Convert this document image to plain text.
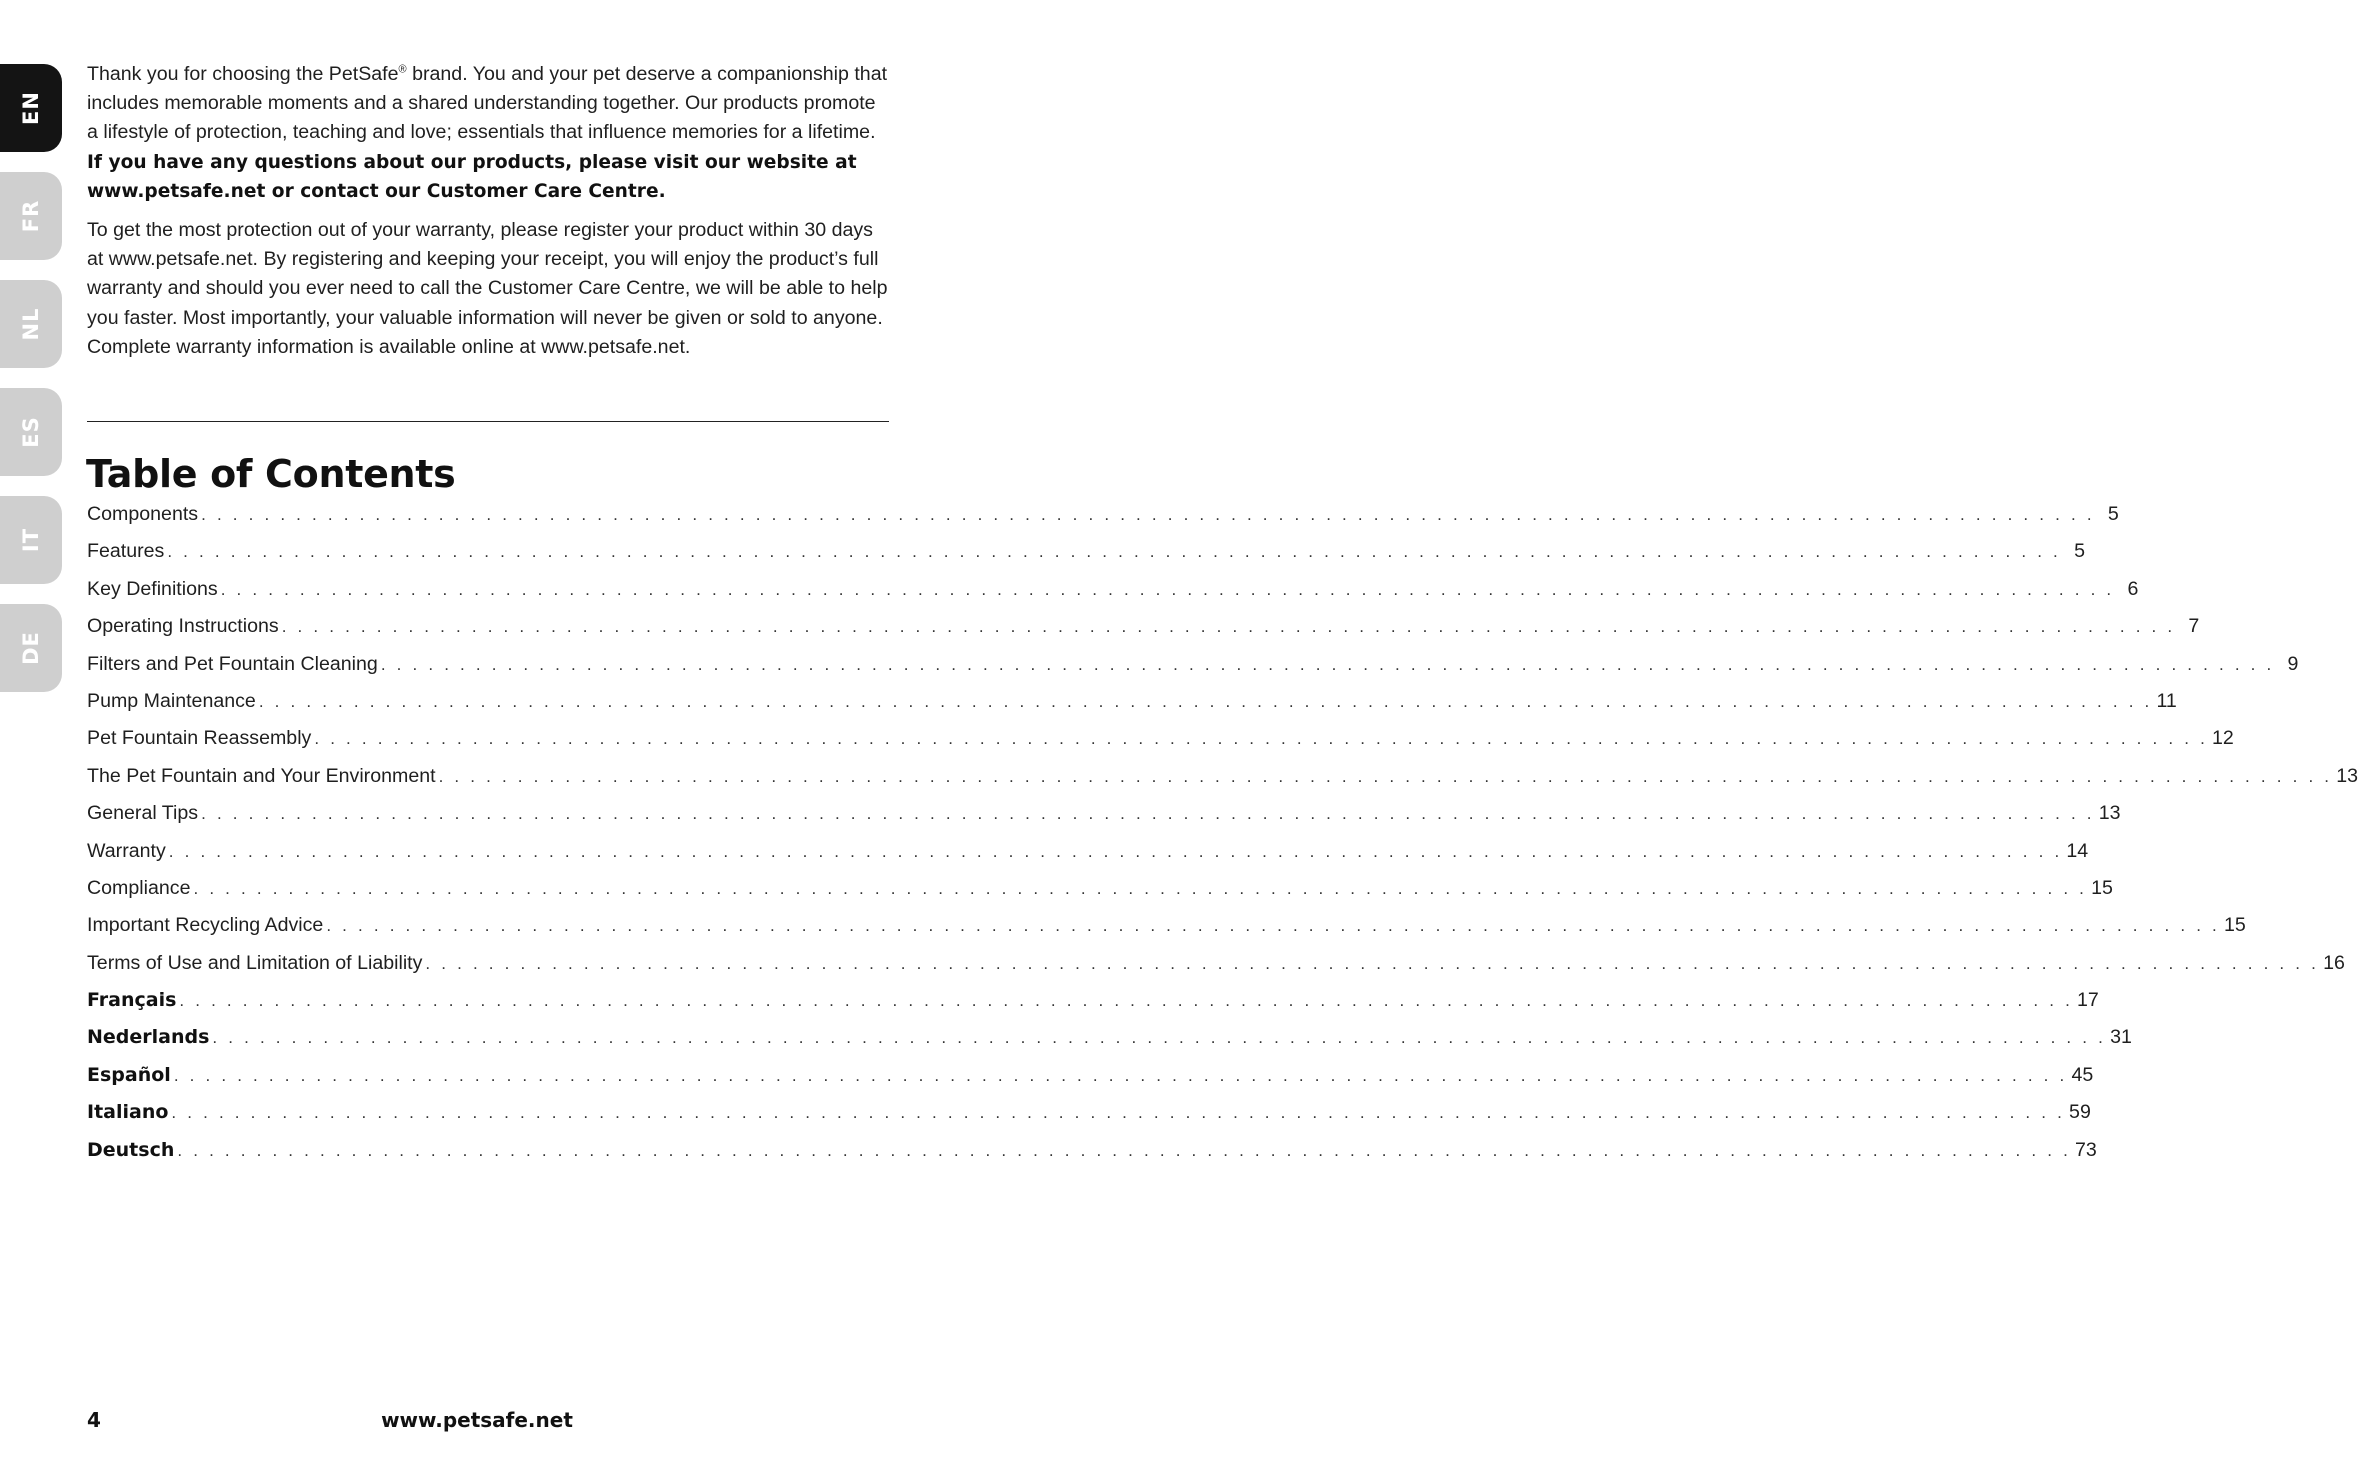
EN
FR
NL
ES
IT
DE

Thank you for choosing the PetSafe® brand. You and your pet deserve a companionship that includes memorable moments and a shared understanding together. Our products promote a lifestyle of protection, teaching and love; essentials that influence memories for a lifetime. If you have any questions about our products, please visit our website at www.petsafe.net or contact our Customer Care Centre.

To get the most protection out of your warranty, please register your product within 30 days at www.petsafe.net. By registering and keeping your receipt, you will enjoy the product’s full warranty and should you ever need to call the Customer Care Centre, we will be able to help you faster. Most importantly, your valuable information will never be given or sold to anyone. Complete warranty information is available online at www.petsafe.net.

Table of Contents
Components . . . . . . . . . . . . . . . . . . . . . . . . . . . . . . . . . . . . . . . . . . . . . . . . . . . . . . . . . . . . . . . . . . . . . . . . . . . . . . . . . . . . . . . . . . . . . . . . . . . . . . . . . . . . . . . . . . . . . . . . 5
Features . . . . . . . . . . . . . . . . . . . . . . . . . . . . . . . . . . . . . . . . . . . . . . . . . . . . . . . . . . . . . . . . . . . . . . . . . . . . . . . . . . . . . . . . . . . . . . . . . . . . . . . . . . . . . . . . . . . . . . . . 5
Key Definitions . . . . . . . . . . . . . . . . . . . . . . . . . . . . . . . . . . . . . . . . . . . . . . . . . . . . . . . . . . . . . . . . . . . . . . . . . . . . . . . . . . . . . . . . . . . . . . . . . . . . . . . . . . . . . . . . . . . . . . . . 6
Operating Instructions . . . . . . . . . . . . . . . . . . . . . . . . . . . . . . . . . . . . . . . . . . . . . . . . . . . . . . . . . . . . . . . . . . . . . . . . . . . . . . . . . . . . . . . . . . . . . . . . . . . . . . . . . . . . . . . . . . . . . . . . 7
Filters and Pet Fountain Cleaning . . . . . . . . . . . . . . . . . . . . . . . . . . . . . . . . . . . . . . . . . . . . . . . . . . . . . . . . . . . . . . . . . . . . . . . . . . . . . . . . . . . . . . . . . . . . . . . . . . . . . . . . . . . . . . . . . . . . . . . . 9
Pump Maintenance . . . . . . . . . . . . . . . . . . . . . . . . . . . . . . . . . . . . . . . . . . . . . . . . . . . . . . . . . . . . . . . . . . . . . . . . . . . . . . . . . . . . . . . . . . . . . . . . . . . . . . . . . . . . . . . . . . . . . . . . 11
Pet Fountain Reassembly . . . . . . . . . . . . . . . . . . . . . . . . . . . . . . . . . . . . . . . . . . . . . . . . . . . . . . . . . . . . . . . . . . . . . . . . . . . . . . . . . . . . . . . . . . . . . . . . . . . . . . . . . . . . . . . . . . . . . . . . 12
The Pet Fountain and Your Environment . . . . . . . . . . . . . . . . . . . . . . . . . . . . . . . . . . . . . . . . . . . . . . . . . . . . . . . . . . . . . . . . . . . . . . . . . . . . . . . . . . . . . . . . . . . . . . . . . . . . . . . . . . . . . . . . . . . . . . . . 13
General Tips . . . . . . . . . . . . . . . . . . . . . . . . . . . . . . . . . . . . . . . . . . . . . . . . . . . . . . . . . . . . . . . . . . . . . . . . . . . . . . . . . . . . . . . . . . . . . . . . . . . . . . . . . . . . . . . . . . . . . . . . 13
Warranty . . . . . . . . . . . . . . . . . . . . . . . . . . . . . . . . . . . . . . . . . . . . . . . . . . . . . . . . . . . . . . . . . . . . . . . . . . . . . . . . . . . . . . . . . . . . . . . . . . . . . . . . . . . . . . . . . . . . . . . . 14
Compliance . . . . . . . . . . . . . . . . . . . . . . . . . . . . . . . . . . . . . . . . . . . . . . . . . . . . . . . . . . . . . . . . . . . . . . . . . . . . . . . . . . . . . . . . . . . . . . . . . . . . . . . . . . . . . . . . . . . . . . . . 15
Important Recycling Advice . . . . . . . . . . . . . . . . . . . . . . . . . . . . . . . . . . . . . . . . . . . . . . . . . . . . . . . . . . . . . . . . . . . . . . . . . . . . . . . . . . . . . . . . . . . . . . . . . . . . . . . . . . . . . . . . . . . . . . . . 15
Terms of Use and Limitation of Liability . . . . . . . . . . . . . . . . . . . . . . . . . . . . . . . . . . . . . . . . . . . . . . . . . . . . . . . . . . . . . . . . . . . . . . . . . . . . . . . . . . . . . . . . . . . . . . . . . . . . . . . . . . . . . . . . . . . . . . . . 16
Français . . . . . . . . . . . . . . . . . . . . . . . . . . . . . . . . . . . . . . . . . . . . . . . . . . . . . . . . . . . . . . . . . . . . . . . . . . . . . . . . . . . . . . . . . . . . . . . . . . . . . . . . . . . . . . . . . . . . . . . . 17
Nederlands . . . . . . . . . . . . . . . . . . . . . . . . . . . . . . . . . . . . . . . . . . . . . . . . . . . . . . . . . . . . . . . . . . . . . . . . . . . . . . . . . . . . . . . . . . . . . . . . . . . . . . . . . . . . . . . . . . . . . . . . 31
Español . . . . . . . . . . . . . . . . . . . . . . . . . . . . . . . . . . . . . . . . . . . . . . . . . . . . . . . . . . . . . . . . . . . . . . . . . . . . . . . . . . . . . . . . . . . . . . . . . . . . . . . . . . . . . . . . . . . . . . . . 45
Italiano . . . . . . . . . . . . . . . . . . . . . . . . . . . . . . . . . . . . . . . . . . . . . . . . . . . . . . . . . . . . . . . . . . . . . . . . . . . . . . . . . . . . . . . . . . . . . . . . . . . . . . . . . . . . . . . . . . . . . . . . 59
Deutsch . . . . . . . . . . . . . . . . . . . . . . . . . . . . . . . . . . . . . . . . . . . . . . . . . . . . . . . . . . . . . . . . . . . . . . . . . . . . . . . . . . . . . . . . . . . . . . . . . . . . . . . . . . . . . . . . . . . . . . . . 73
4	www.petsafe.net
